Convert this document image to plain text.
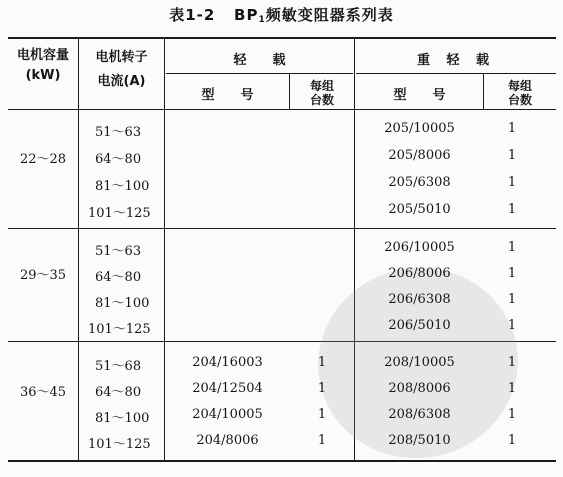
表1-2 $BP_1$频敏变阻器系列表
电机容量
(kW)
电机转子
电流(A)
轻　　载	重 轻 载
型　　号
每组
台数	型　　号
每组
台数
22～28
51～63
64～80
81～100
101～125
205/10005
205/8006
205/6308
205/5010
1
1
1
1
29～35
51～63
64～80
81～100
101～125
206/10005
206/8006
206/6308
206/5010
1
1
1
1
36～45
51～68
64～80
81～100
101～125
204/16003
204/12504
204/10005
204/8006
1
1
1
1
208/10005
208/8006
208/6308
208/5010
1
1
1
1
